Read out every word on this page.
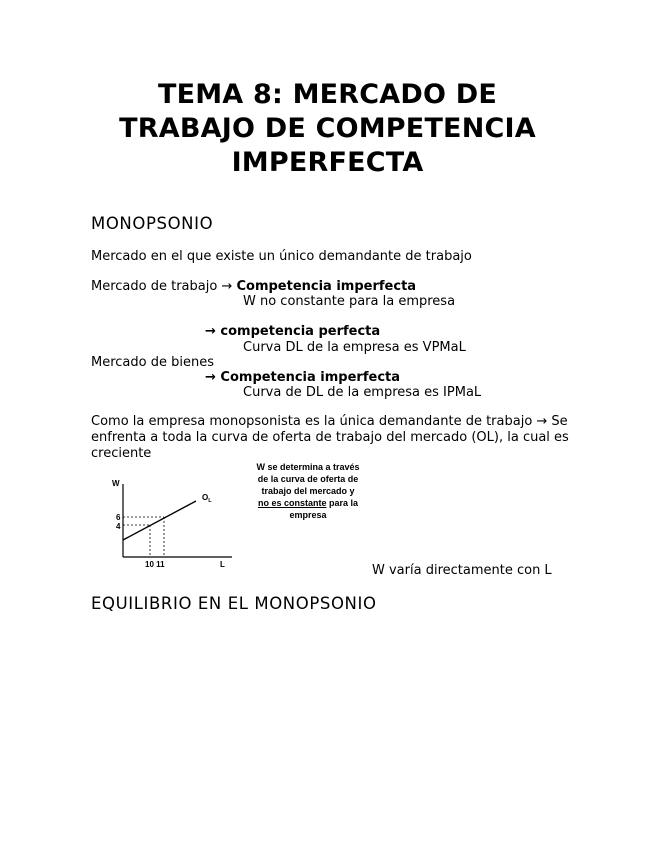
TEMA 8: MERCADO DE
TRABAJO DE COMPETENCIA
IMPERFECTA
MONOPSONIO
Mercado en el que existe un único demandante de trabajo
Mercado de trabajo → Competencia imperfecta
W no constante para la empresa
→ competencia perfecta
Curva DL de la empresa es VPMaL
Mercado de bienes
→ Competencia imperfecta
Curva de DL de la empresa es IPMaL
Como la empresa monopsonista es la única demandante de trabajo → Se
enfrenta a toda la curva de oferta de trabajo del mercado (OL), la cual es
creciente
W
L
$O_L$
6
4
10 11
W se determina a través
de la curva de oferta de
trabajo del mercado y
no es constante para la
empresa
W varía directamente con L
EQUILIBRIO EN EL MONOPSONIO
